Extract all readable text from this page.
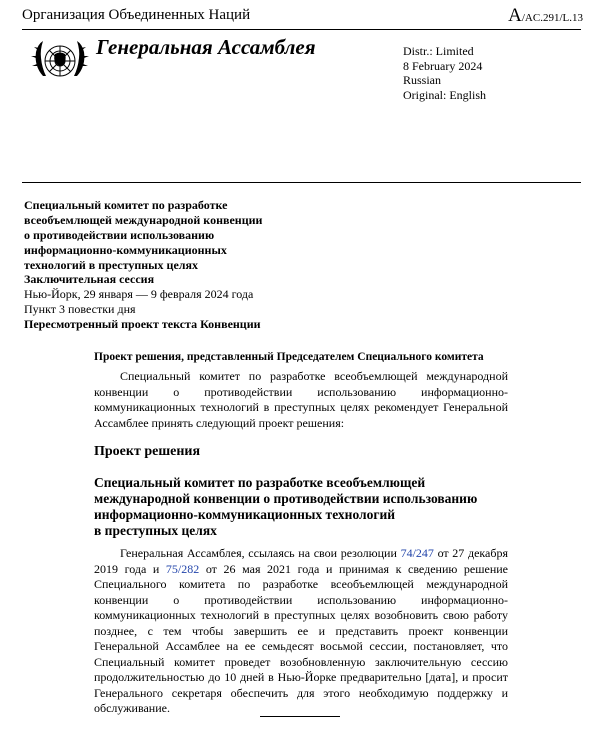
Организация Объединенных Наций	A/AC.291/L.13
Генеральная Ассамблея	Distr.: Limited
8 February 2024
Russian
Original: English
Специальный комитет по разработке
всеобъемлющей международной конвенции
о противодействии использованию
информационно-коммуникационных
технологий в преступных целях
Заключительная сессия
Нью-Йорк, 29 января — 9 февраля 2024 года
Пункт 3 повестки дня
Пересмотренный проект текста Конвенции
Проект решения, представленный Председателем Специального комитета
Специальный комитет по разработке всеобъемлющей международной конвенции о противодействии использованию информационно-коммуникационных технологий в преступных целях рекомендует Генеральной Ассамблее принять следующий проект решения:
Проект решения
Специальный комитет по разработке всеобъемлющей
международной конвенции о противодействии использованию
информационно-коммуникационных технологий
в преступных целях
Генеральная Ассамблея, ссылаясь на свои резолюции 74/247 от 27 декабря 2019 года и 75/282 от 26 мая 2021 года и принимая к сведению решение Специального комитета по разработке всеобъемлющей международной конвенции о противодействии использованию информационно-коммуникационных технологий в преступных целях возобновить свою работу позднее, с тем чтобы завершить ее и представить проект конвенции Генеральной Ассамблее на ее семьдесят восьмой сессии, постановляет, что Специальный комитет проведет возобновленную заключительную сессию продолжительностью до 10 дней в Нью-Йорке предварительно [дата], и просит Генерального секретаря обеспечить для этого необходимую поддержку и обслуживание.
